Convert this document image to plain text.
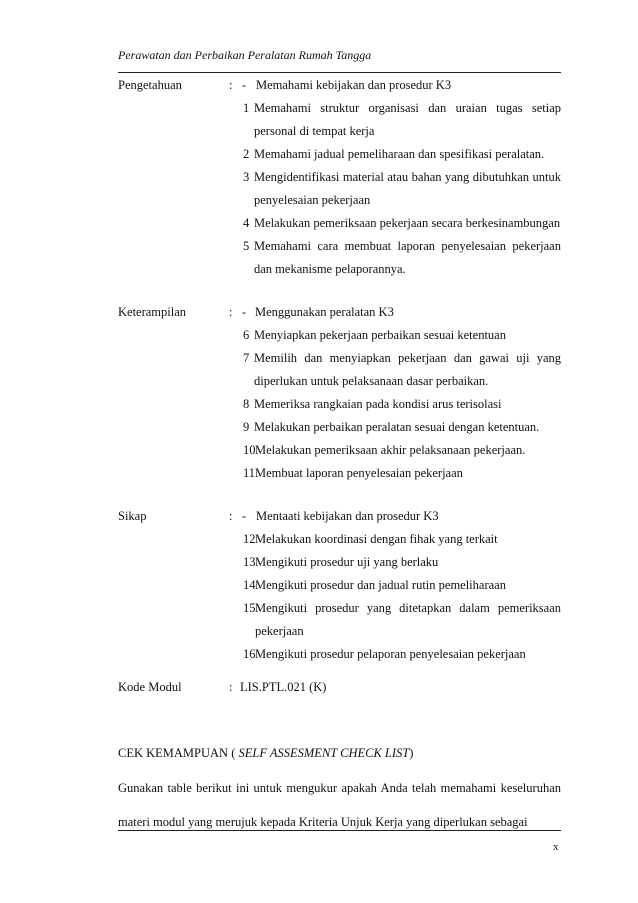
Perawatan dan Perbaikan Peralatan Rumah Tangga
Pengetahuan	: - Memahami kebijakan dan prosedur K3
1 Memahami struktur organisasi dan uraian tugas setiap personal di tempat kerja
2 Memahami jadual pemeliharaan dan spesifikasi peralatan.
3 Mengidentifikasi material atau bahan yang dibutuhkan untuk penyelesaian pekerjaan
4 Melakukan pemeriksaan pekerjaan secara berkesinambungan
5 Memahami cara membuat laporan penyelesaian pekerjaan dan mekanisme pelaporannya.
Keterampilan	: - Menggunakan peralatan K3
6 Menyiapkan pekerjaan perbaikan sesuai ketentuan
7 Memilih dan menyiapkan pekerjaan dan gawai uji yang diperlukan untuk pelaksanaan dasar perbaikan.
8 Memeriksa rangkaian pada kondisi arus terisolasi
9 Melakukan perbaikan peralatan sesuai dengan ketentuan.
10 Melakukan pemeriksaan akhir pelaksanaan pekerjaan.
11 Membuat laporan penyelesaian pekerjaan
Sikap	: - Mentaati kebijakan dan prosedur K3
12 Melakukan koordinasi dengan fihak yang terkait
13 Mengikuti prosedur uji yang berlaku
14 Mengikuti prosedur dan jadual rutin pemeliharaan
15 Mengikuti prosedur yang ditetapkan dalam pemeriksaan pekerjaan
16 Mengikuti prosedur pelaporan penyelesaian pekerjaan
Kode Modul	: LIS.PTL.021 (K)
CEK KEMAMPUAN ( SELF ASSESMENT CHECK LIST)
Gunakan table berikut ini untuk mengukur apakah Anda telah memahami keseluruhan materi modul yang merujuk kepada Kriteria Unjuk Kerja yang diperlukan sebagai
x
